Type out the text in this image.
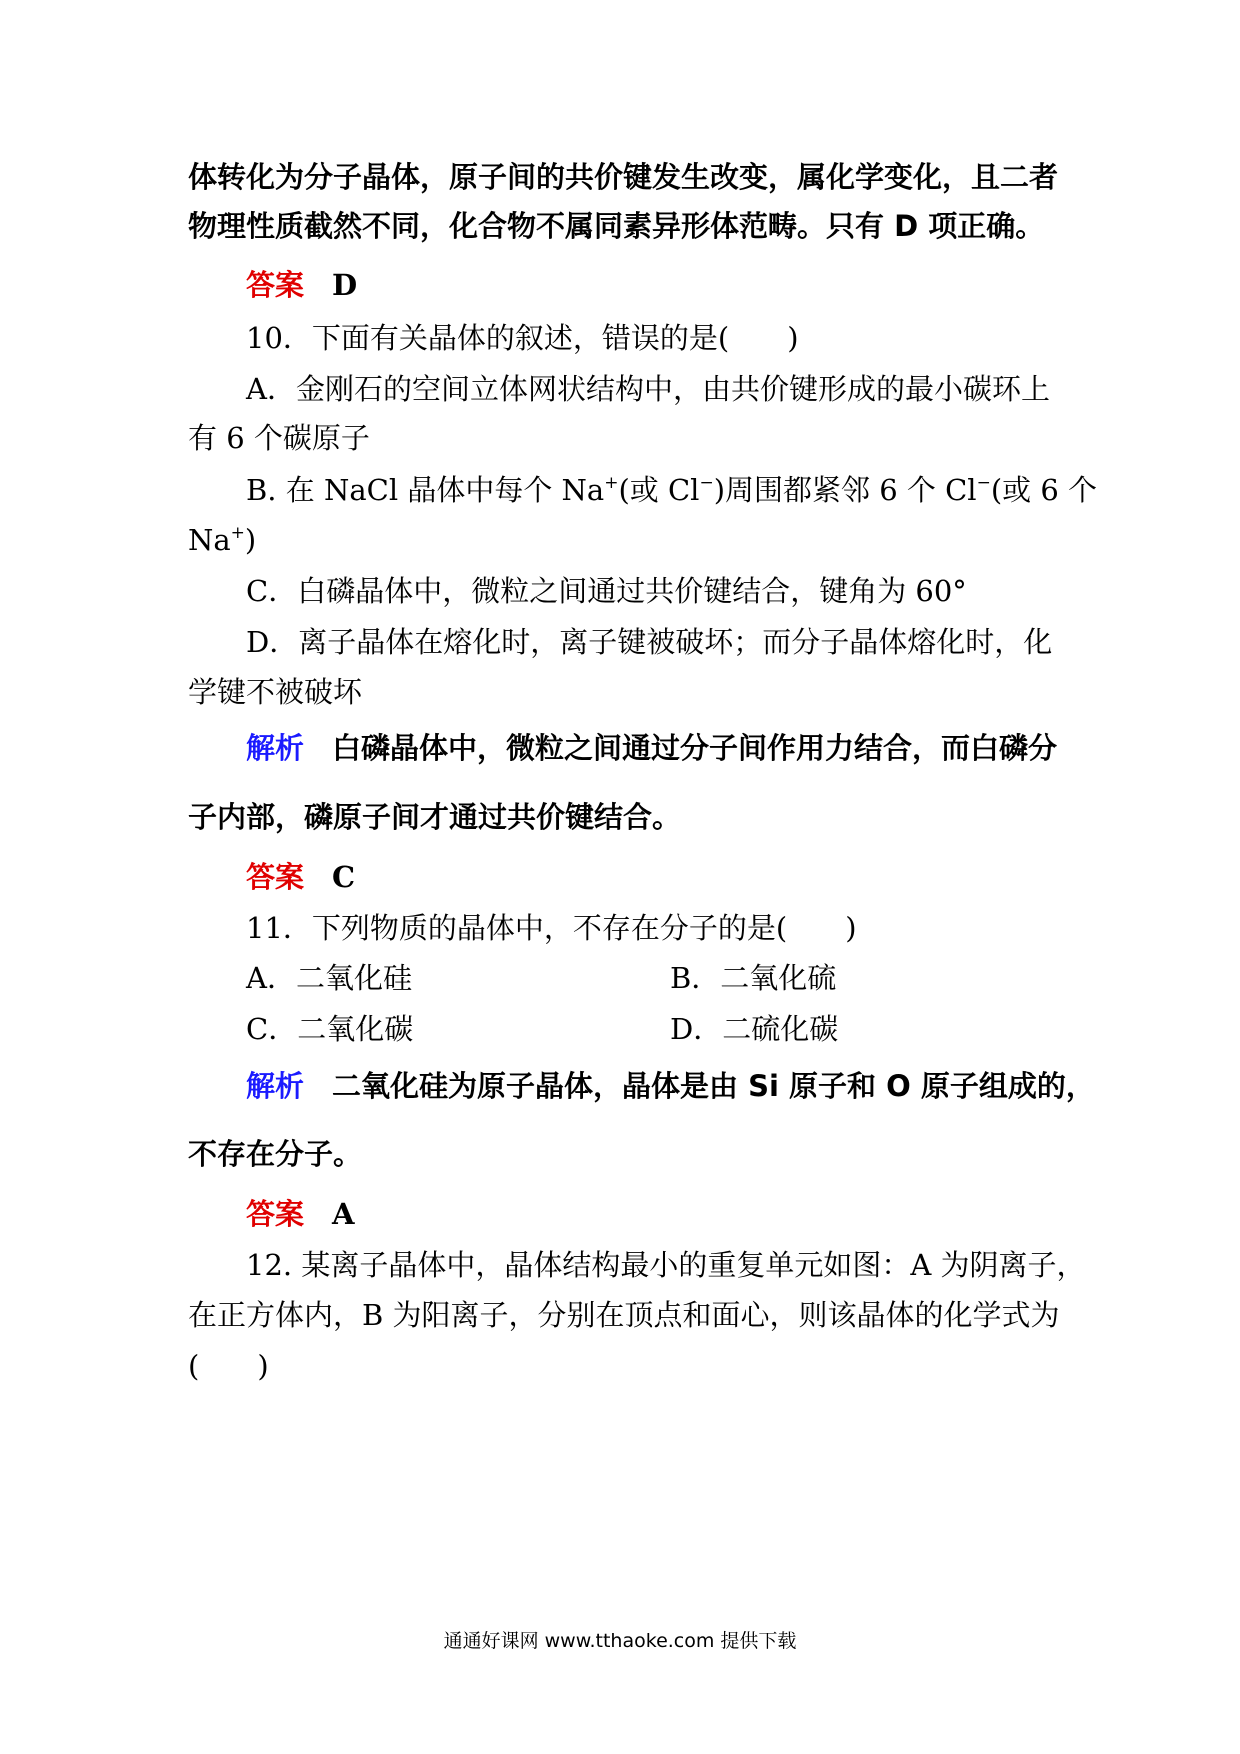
体转化为分子晶体，原子间的共价键发生改变，属化学变化，且二者
物理性质截然不同，化合物不属同素异形体范畴。只有 D 项正确。
答案 D
10．下面有关晶体的叙述，错误的是(　　)
A．金刚石的空间立体网状结构中，由共价键形成的最小碳环上
有 6 个碳原子
B. 在 NaCl 晶体中每个 Na+(或 Cl−)周围都紧邻 6 个 Cl−(或 6 个
Na+)
C．白磷晶体中，微粒之间通过共价键结合，键角为 60°
D．离子晶体在熔化时，离子键被破坏；而分子晶体熔化时，化
学键不被破坏
解析 白磷晶体中，微粒之间通过分子间作用力结合，而白磷分
子内部，磷原子间才通过共价键结合。
答案 C
11．下列物质的晶体中，不存在分子的是(　　)
A．二氧化硅	B．二氧化硫
C．二氧化碳	D．二硫化碳
解析 二氧化硅为原子晶体，晶体是由 Si 原子和 O 原子组成的，
不存在分子。
答案 A
12. 某离子晶体中，晶体结构最小的重复单元如图：A 为阴离子，
在正方体内，B 为阳离子，分别在顶点和面心，则该晶体的化学式为
(　　)
通通好课网 www.tthaoke.com 提供下载
